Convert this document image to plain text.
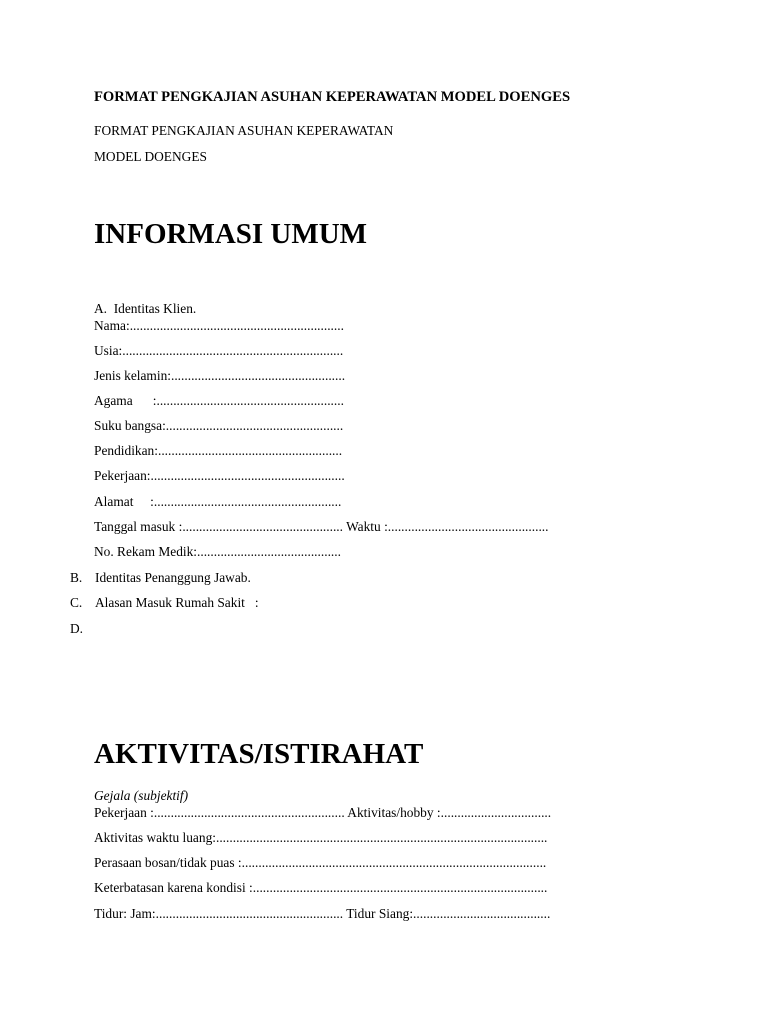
FORMAT PENGKAJIAN ASUHAN KEPERAWATAN MODEL DOENGES
FORMAT PENGKAJIAN ASUHAN KEPERAWATAN
MODEL DOENGES
INFORMASI UMUM
A.  Identitas Klien.
Nama:................................................................
Usia:..................................................................
Jenis kelamin:....................................................
Agama      :........................................................
Suku bangsa:.....................................................
Pendidikan:.......................................................
Pekerjaan:..........................................................
Alamat     :........................................................
Tanggal masuk :................................................ Waktu :................................................
No. Rekam Medik:...........................................
B. Identitas Penanggung Jawab.
C. Alasan Masuk Rumah Sakit   :
D.
AKTIVITAS/ISTIRAHAT
Gejala (subjektif)
Pekerjaan :......................................................... Aktivitas/hobby :.................................
Aktivitas waktu luang:...................................................................................................
Perasaan bosan/tidak puas :...........................................................................................
Keterbatasan karena kondisi :........................................................................................
Tidur: Jam:........................................................ Tidur Siang:.........................................
